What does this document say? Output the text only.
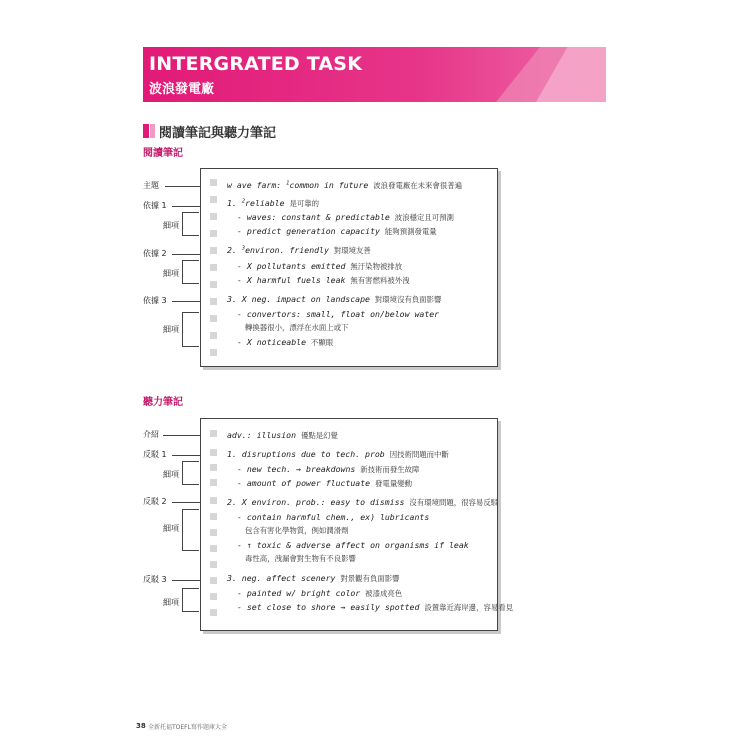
INTERGRATED TASK
波浪發電廠
閱讀筆記與聽力筆記
閱讀筆記
主題
依據 1
細項
依據 2
細項
依據 3
細項
w ave farm: $^1$common in future 波浪發電廠在未來會很普遍
1. $^2$reliable 是可靠的
- waves: constant & predictable 波浪穩定且可預測
- predict generation capacity 能夠預測發電量
2. $^3$environ. friendly 對環境友善
- X pollutants emitted 無汙染物被排放
- X harmful fuels leak 無有害燃料被外洩
3. X neg. impact on landscape 對環境沒有負面影響
- convertors: small, float on/below water
轉換器很小，漂浮在水面上或下
- X noticeable 不顯眼
聽力筆記
介紹
反駁 1
細項
反駁 2
細項
反駁 3
細項
adv.: illusion 優點是幻覺
1. disruptions due to tech. prob 因技術問題而中斷
- new tech. → breakdowns 新技術而發生故障
- amount of power fluctuate 發電量變動
2. X environ. prob.: easy to dismiss 沒有環境問題，很容易反駁
- contain harmful chem., ex) lubricants
包含有害化學物質，例如潤滑劑
- ↑ toxic & adverse affect on organisms if leak
毒性高，洩漏會對生物有不良影響
3. neg. affect scenery 對景觀有負面影響
- painted w/ bright color 被漆成亮色
- set close to shore → easily spotted 設置靠近海岸邊，容易看見
38 全新托福TOEFL寫作題庫大全
